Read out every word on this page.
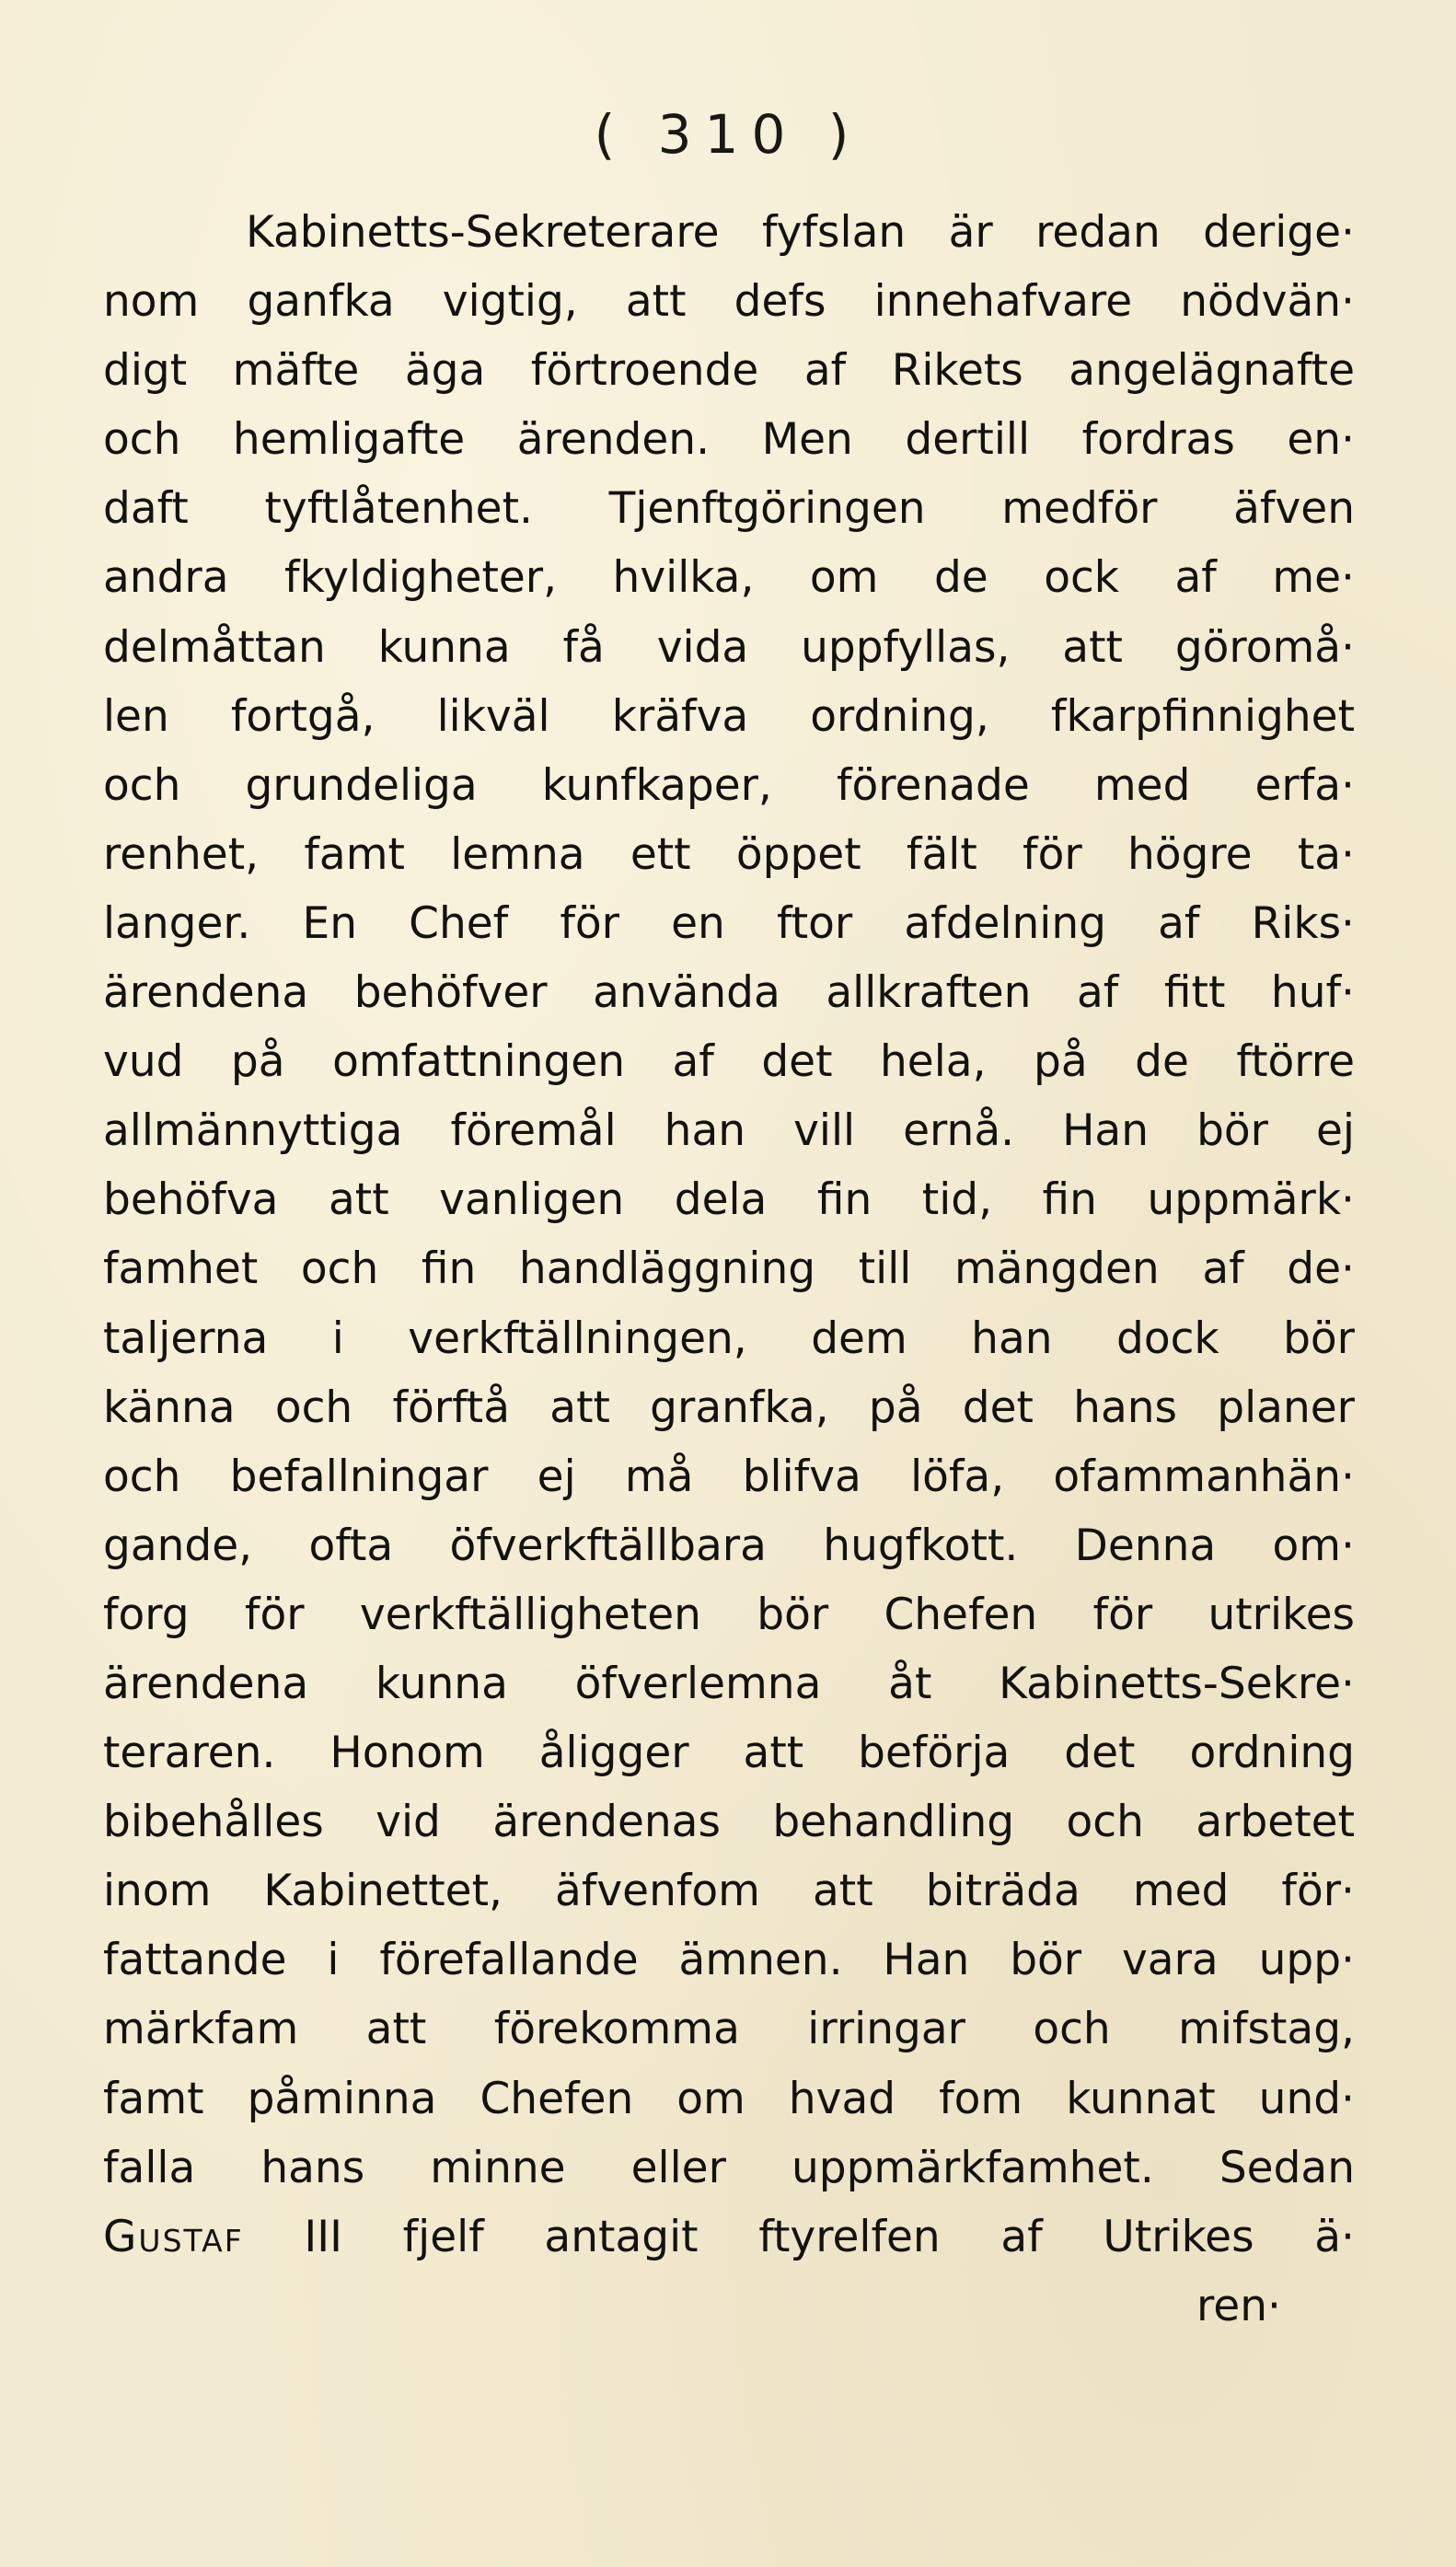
( 310 )
Kabinetts-Sekreterare fyfslan är redan derige·
nom ganfka vigtig, att defs innehafvare nödvän·
digt mäfte äga förtroende af Rikets angelägnafte
och hemligafte ärenden. Men dertill fordras en·
daft tyftlåtenhet. Tjenftgöringen medför äfven
andra fkyldigheter, hvilka, om de ock af me·
delmåttan kunna få vida uppfyllas, att göromå·
len fortgå, likväl kräfva ordning, fkarpfinnighet
och grundeliga kunfkaper, förenade med erfa·
renhet, famt lemna ett öppet fält för högre ta·
langer. En Chef för en ftor afdelning af Riks·
ärendena behöfver använda allkraften af fitt huf·
vud på omfattningen af det hela, på de ftörre
allmännyttiga föremål han vill ernå. Han bör ej
behöfva att vanligen dela fin tid, fin uppmärk·
famhet och fin handläggning till mängden af de·
taljerna i verkftällningen, dem han dock bör
känna och förftå att granfka, på det hans planer
och befallningar ej må blifva löfa, ofammanhän·
gande, ofta öfverkftällbara hugfkott. Denna om·
forg för verkftälligheten bör Chefen för utrikes
ärendena kunna öfverlemna åt Kabinetts-Sekre·
teraren. Honom åligger att beförja det ordning
bibehålles vid ärendenas behandling och arbetet
inom Kabinettet, äfvenfom att biträda med för·
fattande i förefallande ämnen. Han bör vara upp·
märkfam att förekomma irringar och mifstag,
famt påminna Chefen om hvad fom kunnat und·
falla hans minne eller uppmärkfamhet. Sedan
Gustaf III fjelf antagit ftyrelfen af Utrikes ä·
ren·
